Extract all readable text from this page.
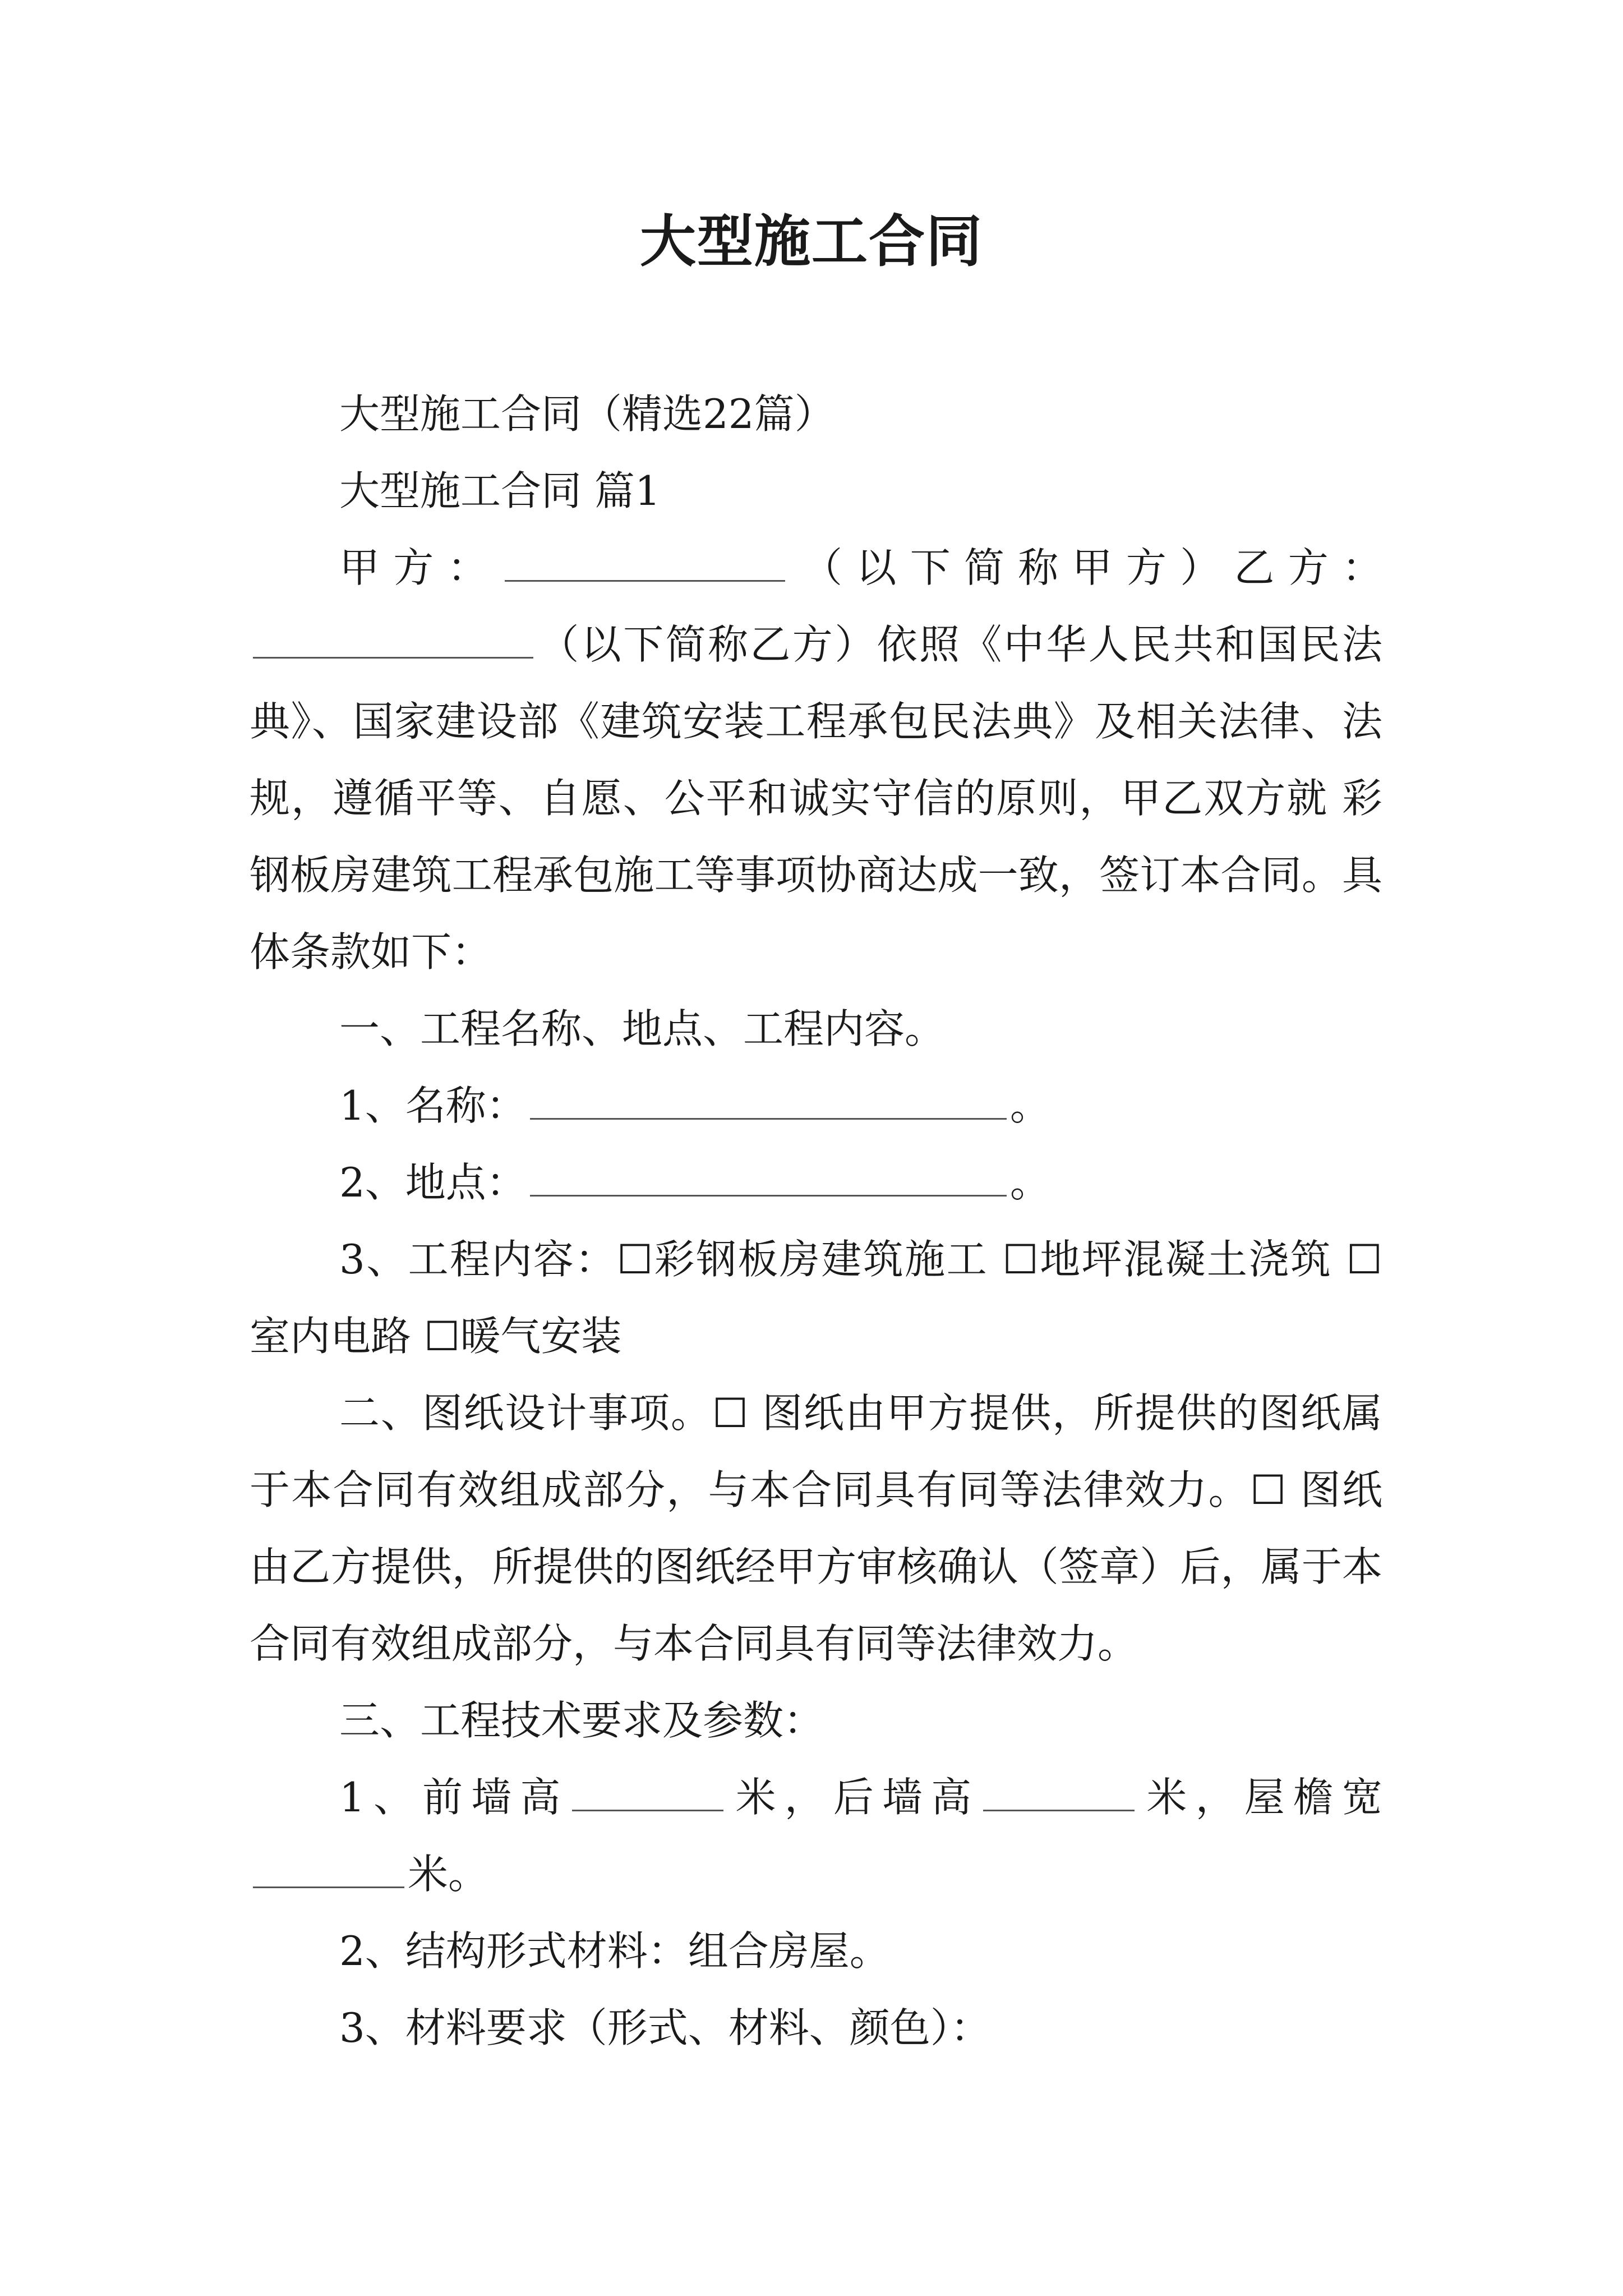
大型施工合同

大型施工合同（精选22篇）

大型施工合同 篇1

甲方：	（以下简称甲方）乙方：（以下简称乙方）依照《中华人民共和国民法典》、国家建设部《建筑安装工程承包民法典》及相关法律、法规，遵循平等、自愿、公平和诚实守信的原则，甲乙双方就 彩钢板房建筑工程承包施工等事项协商达成一致，签订本合同。具体条款如下：

一、工程名称、地点、工程内容。

1、名称：	。

2、地点：	。

3、工程内容：☐彩钢板房建筑施工 ☐地坪混凝土浇筑 ☐室内电路 ☐暖气安装

二、图纸设计事项。☐ 图纸由甲方提供，所提供的图纸属于本合同有效组成部分，与本合同具有同等法律效力。☐ 图纸由乙方提供，所提供的图纸经甲方审核确认（签章）后，属于本合同有效组成部分，与本合同具有同等法律效力。

三、工程技术要求及参数：

1、前墙高	米，后墙高	米，屋檐宽米。

2、结构形式材料：组合房屋。

3、材料要求（形式、材料、颜色）：
